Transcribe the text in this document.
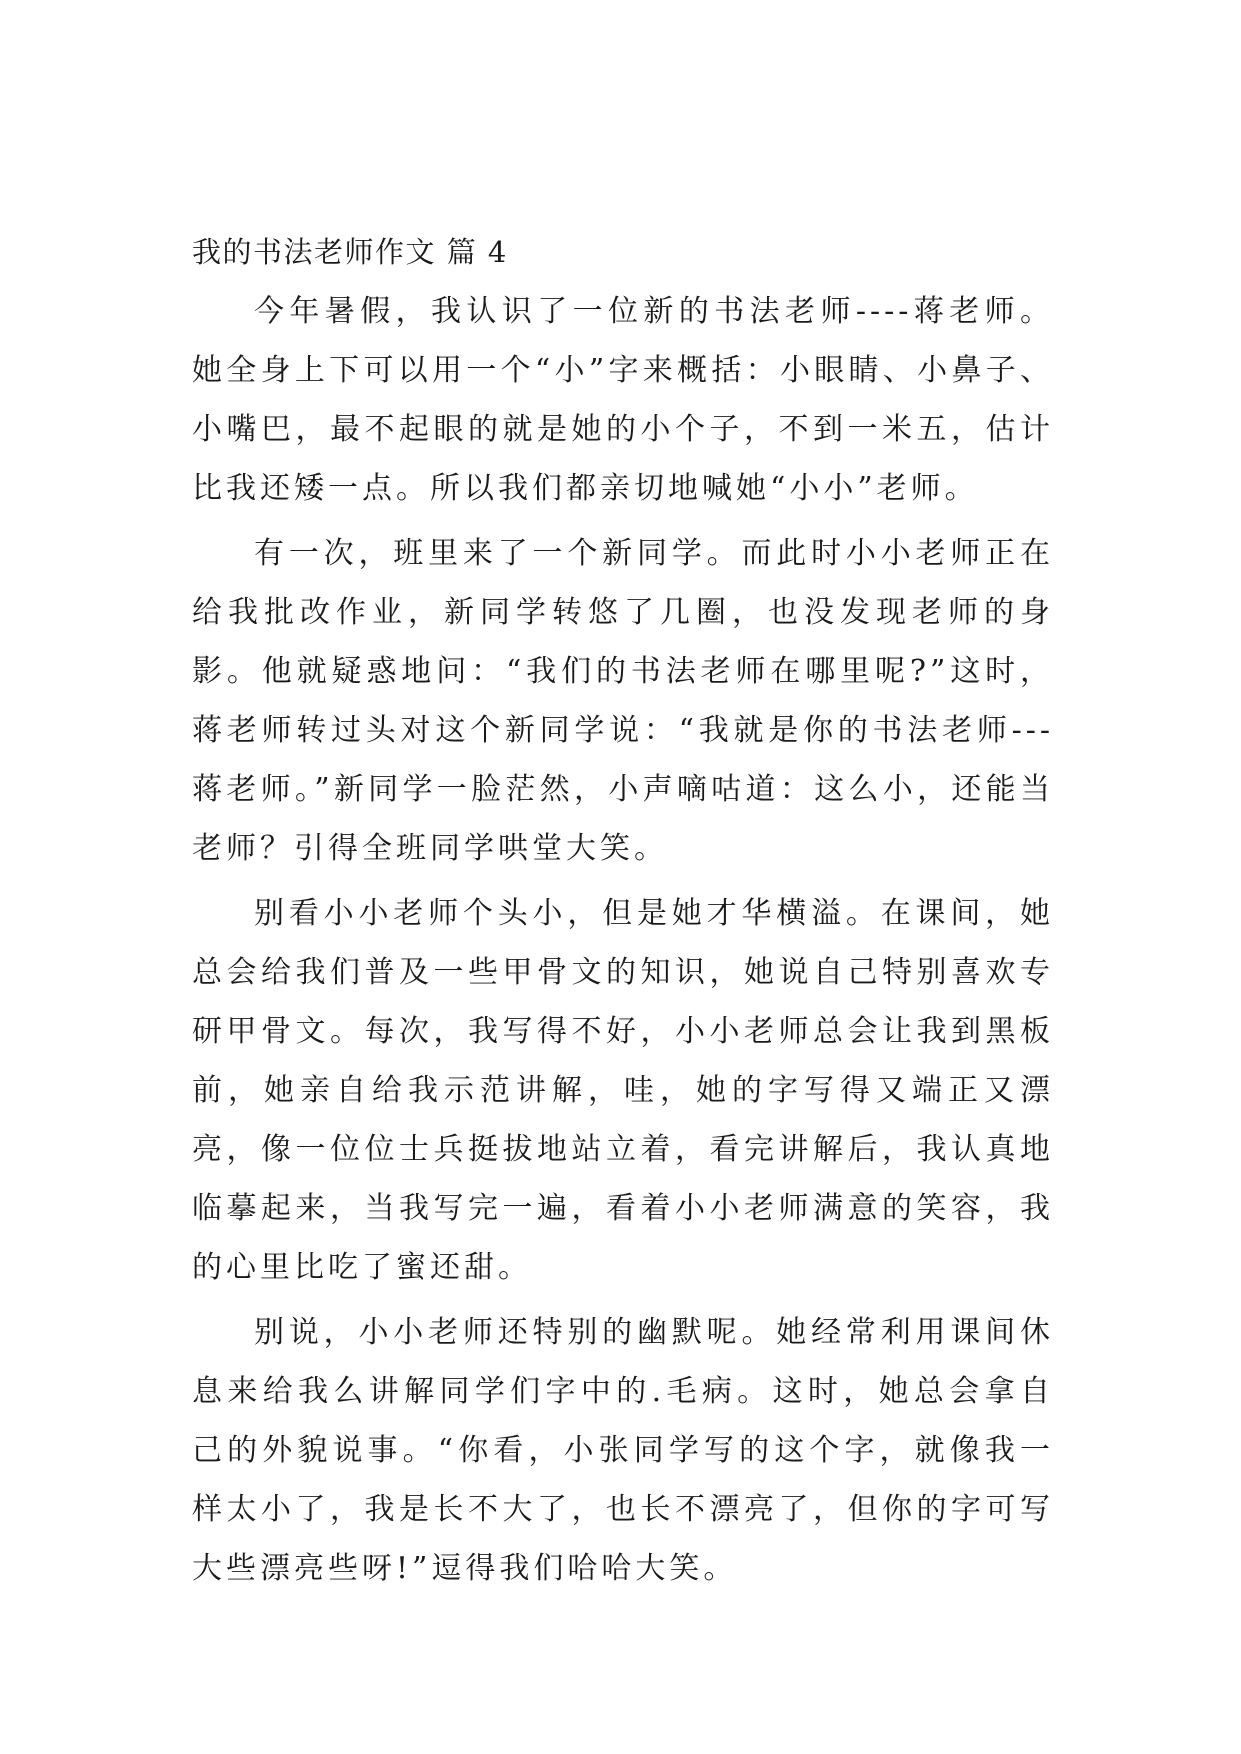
我的书法老师作文 篇 4

今年暑假，我认识了一位新的书法老师----蒋老师。她全身上下可以用一个“小”字来概括：小眼睛、小鼻子、小嘴巴，最不起眼的就是她的小个子，不到一米五，估计比我还矮一点。所以我们都亲切地喊她“小小”老师。

有一次，班里来了一个新同学。而此时小小老师正在给我批改作业，新同学转悠了几圈，也没发现老师的身影。他就疑惑地问：“我们的书法老师在哪里呢?”这时，蒋老师转过头对这个新同学说：“我就是你的书法老师---蒋老师。”新同学一脸茫然，小声嘀咕道：这么小，还能当老师？引得全班同学哄堂大笑。

别看小小老师个头小，但是她才华横溢。在课间，她总会给我们普及一些甲骨文的知识，她说自己特别喜欢专研甲骨文。每次，我写得不好，小小老师总会让我到黑板前，她亲自给我示范讲解，哇，她的字写得又端正又漂亮，像一位位士兵挺拔地站立着，看完讲解后，我认真地临摹起来，当我写完一遍，看着小小老师满意的笑容，我的心里比吃了蜜还甜。

别说，小小老师还特别的幽默呢。她经常利用课间休息来给我么讲解同学们字中的.毛病。这时，她总会拿自己的外貌说事。“你看，小张同学写的这个字，就像我一样太小了，我是长不大了，也长不漂亮了，但你的字可写大些漂亮些呀!”逗得我们哈哈大笑。
